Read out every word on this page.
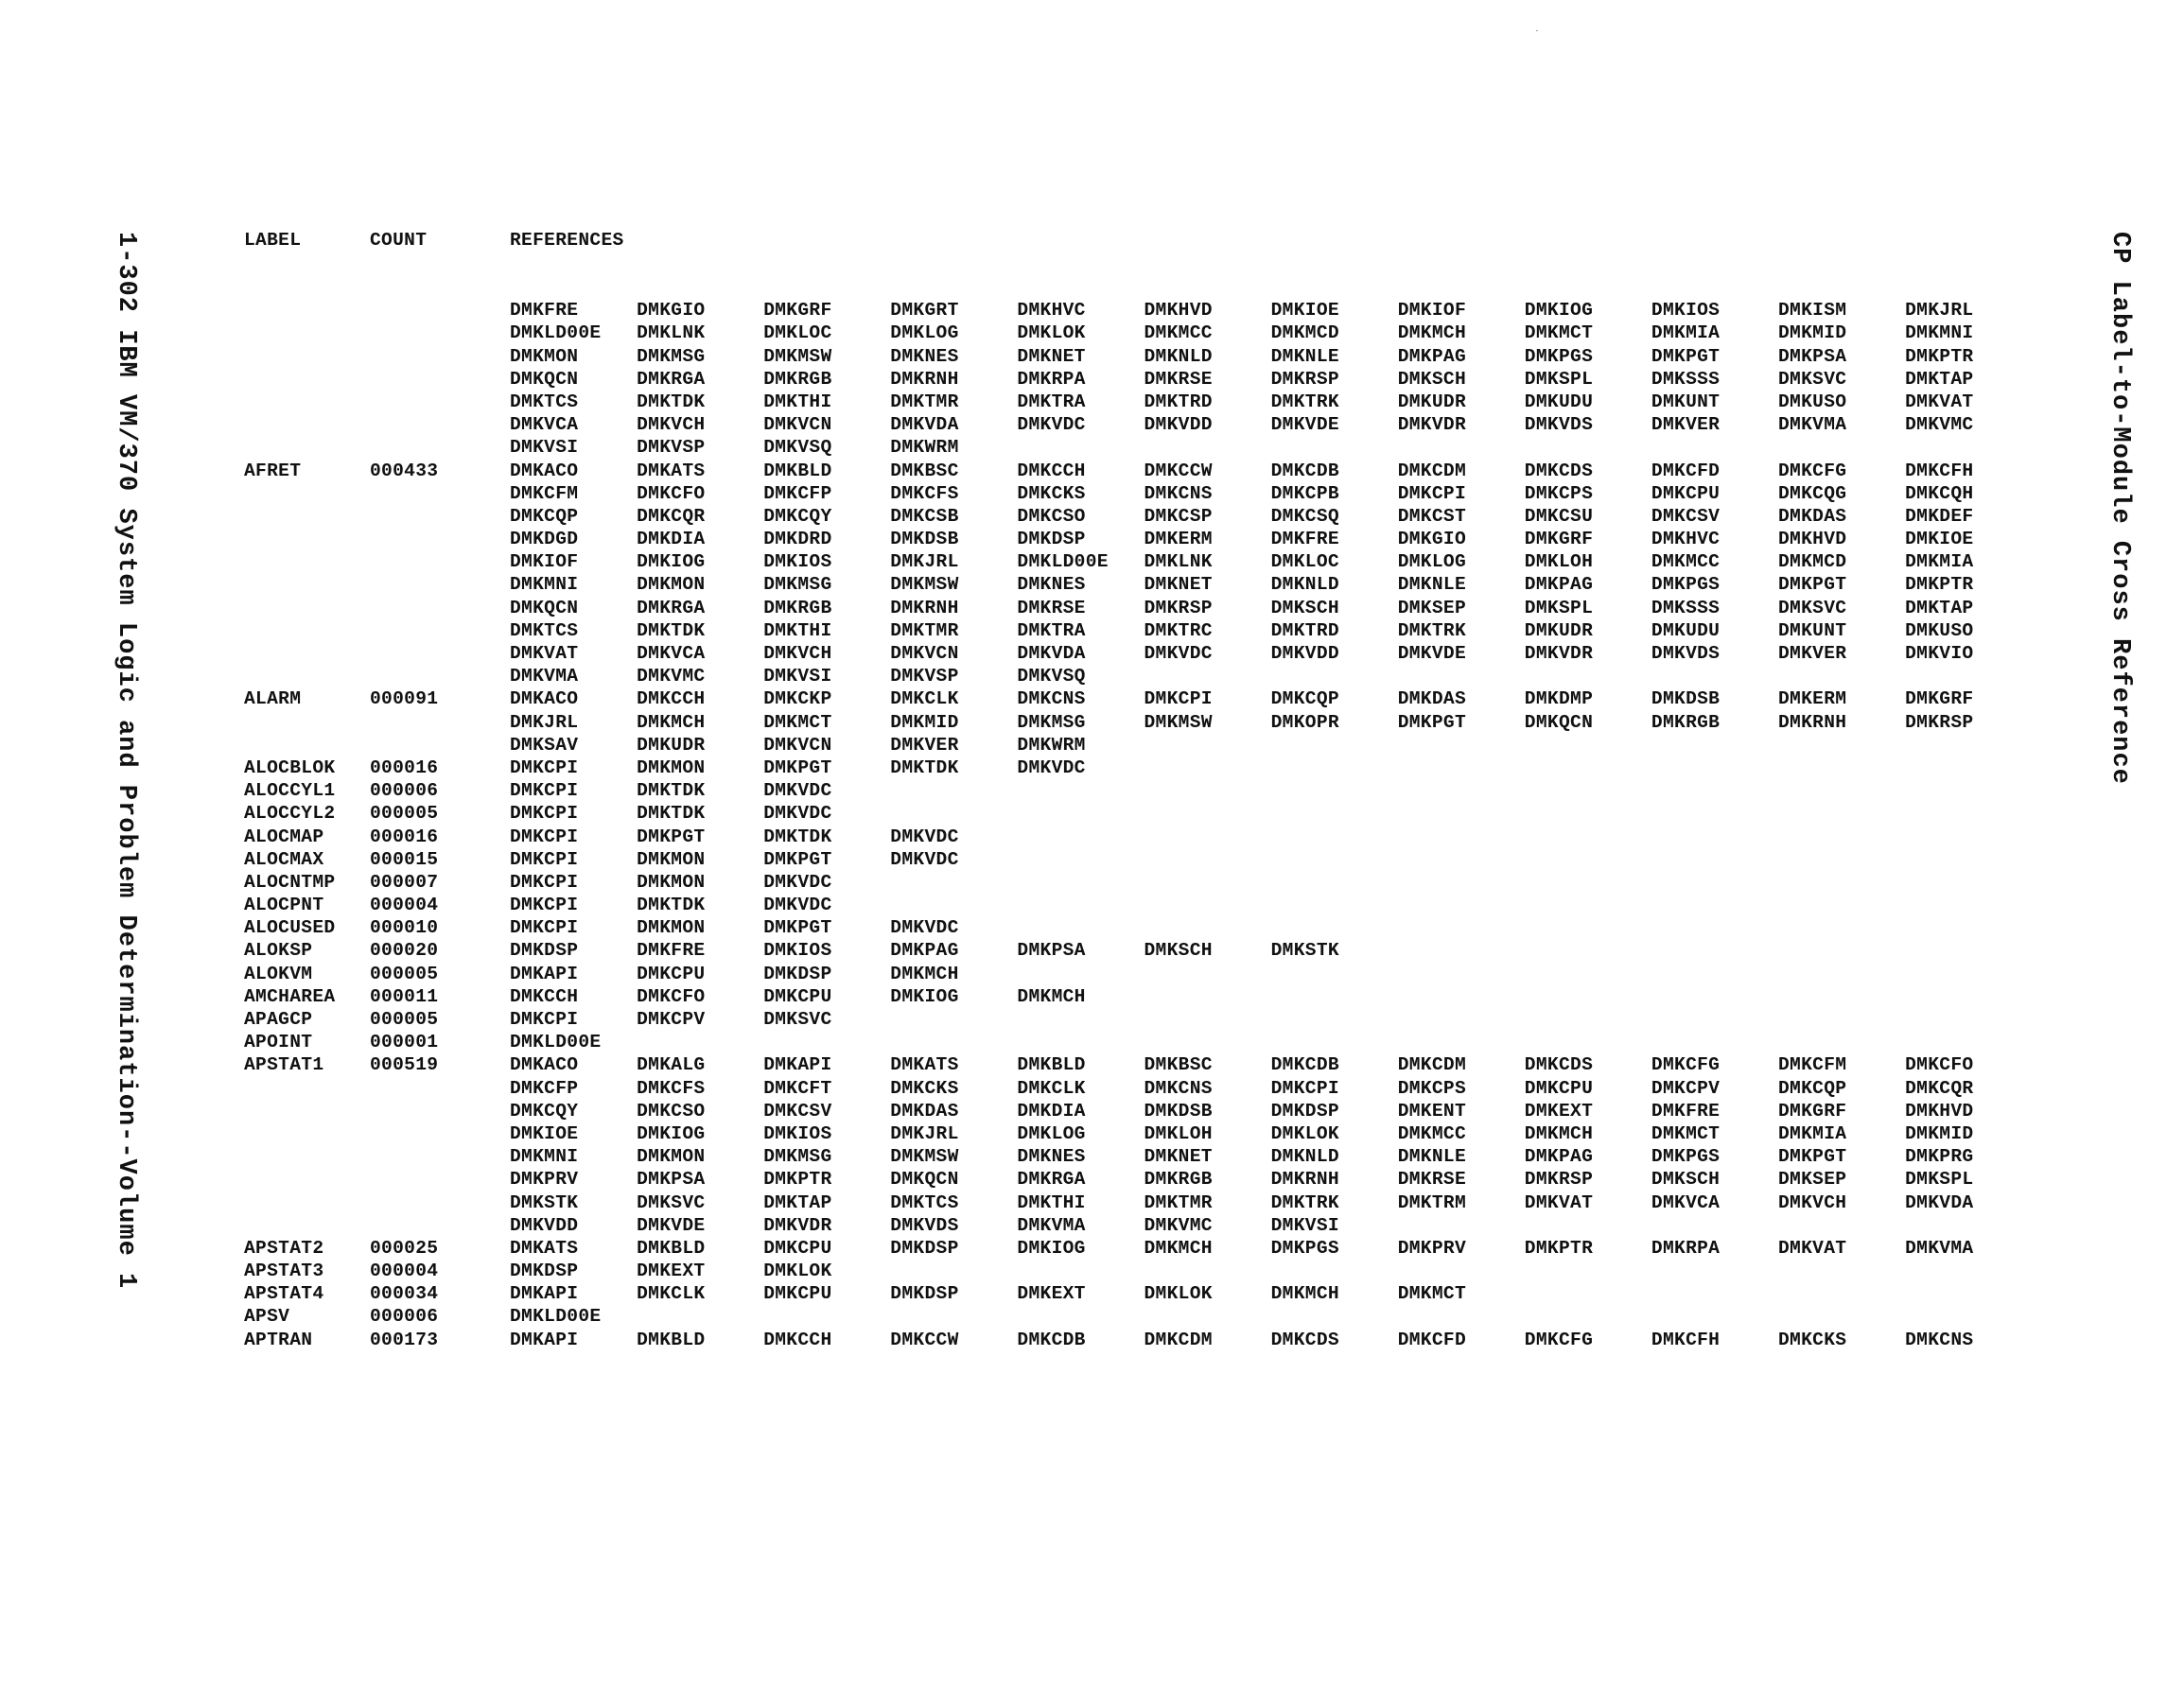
1-302 IBM VM/370 System Logic and Problem Determination--Volume 1	CP Label-to-Module Cross Reference
LABEL	COUNT	REFERENCES
DMKFRE	DMKGIO	DMKGRF	DMKGRT	DMKHVC	DMKHVD	DMKIOE	DMKIOF	DMKIOG	DMKIOS	DMKISM	DMKJRL
DMKLD00E DMKLNK	DMKLOC	DMKLOG	DMKLOK	DMKMCC	DMKMCD	DMKMCH	DMKMCT	DMKMIA	DMKMID	DMKMNI
DMKMON	DMKMSG	DMKMSW	DMKNES	DMKNET	DMKNLD	DMKNLE	DMKPAG	DMKPGS	DMKPGT	DMKPSA	DMKPTR
DMKQCN	DMKRGA	DMKRGB	DMKRNH	DMKRPA	DMKRSE	DMKRSP	DMKSCH	DMKSPL	DMKSSS	DMKSVC	DMKTAP
DMKTCS	DMKTDK	DMKTHI	DMKTMR	DMKTRA	DMKTRD	DMKTRK	DMKUDR	DMKUDU	DMKUNT	DMKUSO	DMKVAT
DMKVCA	DMKVCH	DMKVCN	DMKVDA	DMKVDC	DMKVDD	DMKVDE	DMKVDR	DMKVDS	DMKVER	DMKVMA	DMKVMC
DMKVSI	DMKVSP	DMKVSQ	DMKWRM
AFRET	000433	DMKACO	DMKATS	DMKBLD	DMKBSC	DMKCCH	DMKCCW	DMKCDB	DMKCDM	DMKCDS	DMKCFD	DMKCFG	DMKCFH
DMKCFM	DMKCFO	DMKCFP	DMKCFS	DMKCKS	DMKCNS	DMKCPB	DMKCPI	DMKCPS	DMKCPU	DMKCQG	DMKCQH
DMKCQP	DMKCQR	DMKCQY	DMKCSB	DMKCSO	DMKCSP	DMKCSQ	DMKCST	DMKCSU	DMKCSV	DMKDAS	DMKDEF
DMKDGD	DMKDIA	DMKDRD	DMKDSB	DMKDSP	DMKERM	DMKFRE	DMKGIO	DMKGRF	DMKHVC	DMKHVD	DMKIOE
DMKIOF	DMKIOG	DMKIOS	DMKJRL	DMKLD00E DMKLNK	DMKLOC	DMKLOG	DMKLOH	DMKMCC	DMKMCD	DMKMIA
DMKMNI	DMKMON	DMKMSG	DMKMSW	DMKNES	DMKNET	DMKNLD	DMKNLE	DMKPAG	DMKPGS	DMKPGT	DMKPTR
DMKQCN	DMKRGA	DMKRGB	DMKRNH	DMKRSE	DMKRSP	DMKSCH	DMKSEP	DMKSPL	DMKSSS	DMKSVC	DMKTAP
DMKTCS	DMKTDK	DMKTHI	DMKTMR	DMKTRA	DMKTRC	DMKTRD	DMKTRK	DMKUDR	DMKUDU	DMKUNT	DMKUSO
DMKVAT	DMKVCA	DMKVCH	DMKVCN	DMKVDA	DMKVDC	DMKVDD	DMKVDE	DMKVDR	DMKVDS	DMKVER	DMKVIO
DMKVMA	DMKVMC	DMKVSI	DMKVSP	DMKVSQ
ALARM	000091	DMKACO	DMKCCH	DMKCKP	DMKCLK	DMKCNS	DMKCPI	DMKCQP	DMKDAS	DMKDMP	DMKDSB	DMKERM	DMKGRF
DMKJRL	DMKMCH	DMKMCT	DMKMID	DMKMSG	DMKMSW	DMKOPR	DMKPGT	DMKQCN	DMKRGB	DMKRNH	DMKRSP
DMKSAV	DMKUDR	DMKVCN	DMKVER	DMKWRM
ALOCBLOK 000016	DMKCPI	DMKMON	DMKPGT	DMKTDK	DMKVDC
ALOCCYL1 000006	DMKCPI	DMKTDK	DMKVDC
ALOCCYL2 000005	DMKCPI	DMKTDK	DMKVDC
ALOCMAP 000016	DMKCPI	DMKPGT	DMKTDK	DMKVDC
ALOCMAX 000015	DMKCPI	DMKMON	DMKPGT	DMKVDC
ALOCNTMP 000007	DMKCPI	DMKMON	DMKVDC
ALOCPNT 000004	DMKCPI	DMKTDK	DMKVDC
ALOCUSED 000010	DMKCPI	DMKMON	DMKPGT	DMKVDC
ALOKSP	000020	DMKDSP	DMKFRE	DMKIOS	DMKPAG	DMKPSA	DMKSCH	DMKSTK
ALOKVM	000005	DMKAPI	DMKCPU	DMKDSP	DMKMCH
AMCHAREA 000011	DMKCCH	DMKCFO	DMKCPU	DMKIOG	DMKMCH
APAGCP	000005	DMKCPI	DMKCPV	DMKSVC
APOINT	000001	DMKLD00E
APSTAT1 000519	DMKACO	DMKALG	DMKAPI	DMKATS	DMKBLD	DMKBSC	DMKCDB	DMKCDM	DMKCDS	DMKCFG	DMKCFM	DMKCFO
DMKCFP	DMKCFS	DMKCFT	DMKCKS	DMKCLK	DMKCNS	DMKCPI	DMKCPS	DMKCPU	DMKCPV	DMKCQP	DMKCQR
DMKCQY	DMKCSO	DMKCSV	DMKDAS	DMKDIA	DMKDSB	DMKDSP	DMKENT	DMKEXT	DMKFRE	DMKGRF	DMKHVD
DMKIOE	DMKIOG	DMKIOS	DMKJRL	DMKLOG	DMKLOH	DMKLOK	DMKMCC	DMKMCH	DMKMCT	DMKMIA	DMKMID
DMKMNI	DMKMON	DMKMSG	DMKMSW	DMKNES	DMKNET	DMKNLD	DMKNLE	DMKPAG	DMKPGS	DMKPGT	DMKPRG
DMKPRV	DMKPSA	DMKPTR	DMKQCN	DMKRGA	DMKRGB	DMKRNH	DMKRSE	DMKRSP	DMKSCH	DMKSEP	DMKSPL
DMKSTK	DMKSVC	DMKTAP	DMKTCS	DMKTHI	DMKTMR	DMKTRK	DMKTRM	DMKVAT	DMKVCA	DMKVCH	DMKVDA
DMKVDD	DMKVDE	DMKVDR	DMKVDS	DMKVMA	DMKVMC	DMKVSI
APSTAT2 000025	DMKATS	DMKBLD	DMKCPU	DMKDSP	DMKIOG	DMKMCH	DMKPGS	DMKPRV	DMKPTR	DMKRPA	DMKVAT	DMKVMA
APSTAT3 000004	DMKDSP	DMKEXT	DMKLOK
APSTAT4 000034	DMKAPI	DMKCLK	DMKCPU	DMKDSP	DMKEXT	DMKLOK	DMKMCH	DMKMCT
APSV	000006	DMKLD00E
APTRAN	000173	DMKAPI	DMKBLD	DMKCCH	DMKCCW	DMKCDB	DMKCDM	DMKCDS	DMKCFD	DMKCFG	DMKCFH	DMKCKS	DMKCNS
